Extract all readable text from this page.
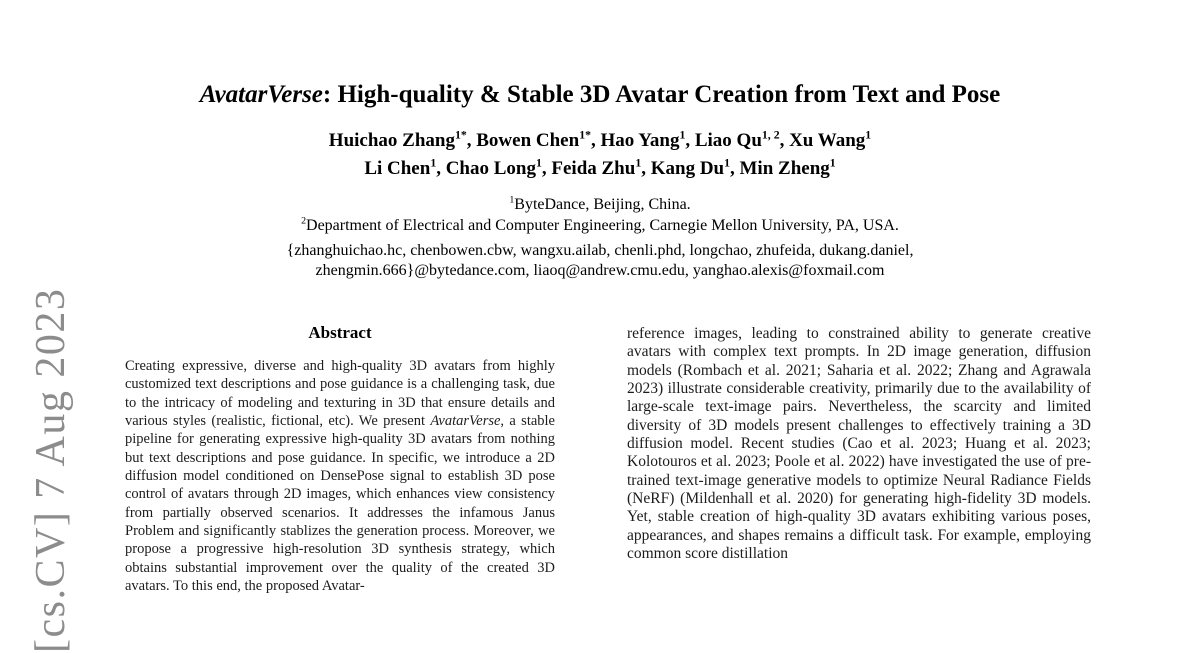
[cs.CV] 7 Aug 2023
AvatarVerse: High-quality & Stable 3D Avatar Creation from Text and Pose
Huichao Zhang$^{1*}$, Bowen Chen$^{1*}$, Hao Yang$^1$, Liao Qu$^{1, 2}$, Xu Wang$^1$
Li Chen$^1$, Chao Long$^1$, Feida Zhu$^1$, Kang Du$^1$, Min Zheng$^1$
$^1$ByteDance, Beijing, China.
$^2$Department of Electrical and Computer Engineering, Carnegie Mellon University, PA, USA.
{zhanghuichao.hc, chenbowen.cbw, wangxu.ailab, chenli.phd, longchao, zhufeida, dukang.daniel,
zhengmin.666}@bytedance.com, liaoq@andrew.cmu.edu, yanghao.alexis@foxmail.com
Abstract

Creating expressive, diverse and high-quality 3D avatars from highly customized text descriptions and pose guidance is a challenging task, due to the intricacy of modeling and texturing in 3D that ensure details and various styles (realistic, fictional, etc). We present AvatarVerse, a stable pipeline for generating expressive high-quality 3D avatars from nothing but text descriptions and pose guidance. In specific, we introduce a 2D diffusion model conditioned on DensePose signal to establish 3D pose control of avatars through 2D images, which enhances view consistency from partially observed scenarios. It addresses the infamous Janus Problem and significantly stablizes the generation process. Moreover, we propose a progressive high-resolution 3D synthesis strategy, which obtains substantial improvement over the quality of the created 3D avatars. To this end, the proposed Avatar-

reference images, leading to constrained ability to generate creative avatars with complex text prompts. In 2D image generation, diffusion models (Rombach et al. 2021; Saharia et al. 2022; Zhang and Agrawala 2023) illustrate considerable creativity, primarily due to the availability of large-scale text-image pairs. Nevertheless, the scarcity and limited diversity of 3D models present challenges to effectively training a 3D diffusion model. Recent studies (Cao et al. 2023; Huang et al. 2023; Kolotouros et al. 2023; Poole et al. 2022) have investigated the use of pre-trained text-image generative models to optimize Neural Radiance Fields (NeRF) (Mildenhall et al. 2020) for generating high-fidelity 3D models. Yet, stable creation of high-quality 3D avatars exhibiting various poses, appearances, and shapes remains a difficult task. For example, employing common score distillation
